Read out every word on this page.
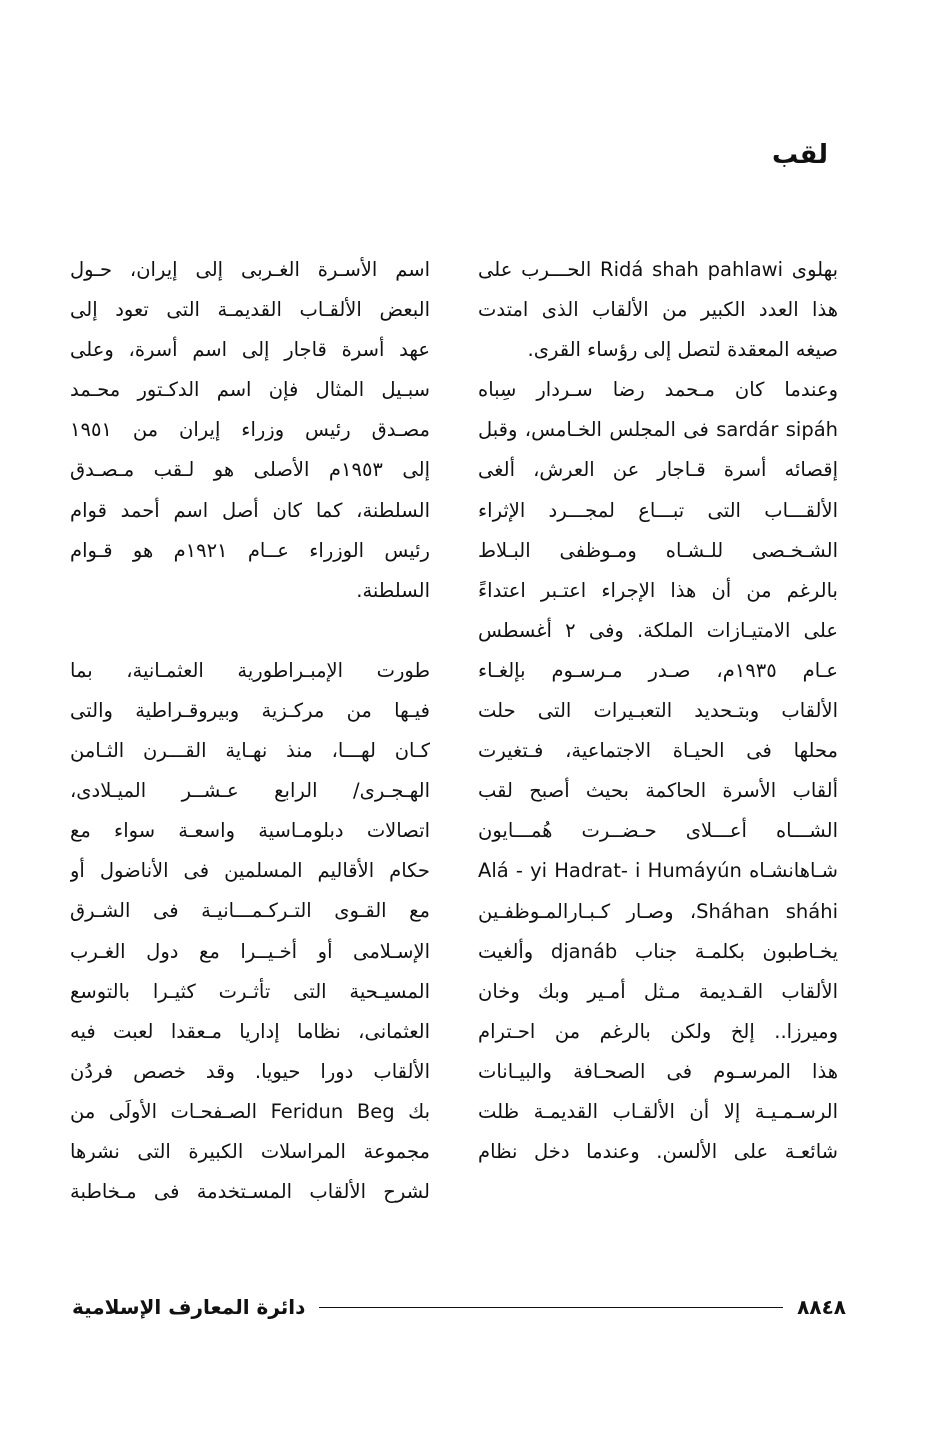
لقب
بهلوى Ridá shah pahlawi الحـــرب على
هذا العدد الكبير من الألقاب الذى امتدت
صيغه المعقدة لتصل إلى رؤساء القرى.
وعندما كان مـحمد رضا سـردار سِباه
sardár sipáh فى المجلس الخـامس، وقبل
إقصائه أسرة قـاجار عن العرش، ألغى
الألقـــاب التى تبـــاع لمجـــرد الإثراء
الشـخـصى للـشـاه ومـوظفى البـلاط
بالرغم من أن هذا الإجراء اعتـبر اعتداءً
على الامتيـازات الملكة. وفى ٢ أغسطس
عـام ١٩٣٥م، صـدر مـرسـوم بإلغـاء
الألقاب وبتـحديد التعبـيرات التى حلت
محلها فى الحيـاة الاجتماعية، فـتغيرت
ألقاب الأسرة الحاكمة بحيث أصبح لقب
الشـــاه أعـــلاى حـضــرت هُمـــايون
شـاهانشـاه Alá - yi Hadrat- i Humáyún
Sháhan sháhi، وصـار كـبـارالمـوظفـين
يخـاطبون بكلمـة جناب djanáb وألغيت
الألقاب القـديمة مـثل أمـير وبك وخان
وميرزا.. إلخ ولكن بالرغم من احـترام
هذا المرسـوم فى الصحـافة والبيـانات
الرسـمـيـة إلا أن الألقـاب القديمـة ظلت
شائعـة على الألسن. وعندما دخل نظام
اسم الأسـرة الغـربى إلى إيران، حـول
البعض الألقـاب القديمـة التى تعود إلى
عهد أسرة قاجار إلى اسم أسرة، وعلى
سبـيل المثال فإن اسم الدكـتور محـمد
مصـدق رئيس وزراء إيران من ١٩٥١
إلى ١٩٥٣م الأصلى هو لـقب مـصـدق
السلطنة، كما كان أصل اسم أحمد قوام
رئيس الوزراء عــام ١٩٢١م هو قـوام
السلطنة.
طورت الإمبـراطورية العثمـانية، بما
فيـها من مركـزية وبيروقـراطية والتى
كـان لهـــا، منذ نهـاية القـــرن الثـامن
الهـجـرى/ الرابع عـشــر الميـلادى،
اتصالات دبلومـاسية واسعـة سواء مع
حكام الأقاليم المسلمين فى الأناضول أو
مع القـوى التـركـمـــانيـة فى الشـرق
الإسـلامى أو أخـيــرا مع دول الغـرب
المسيـحية التى تأثـرت كثيـرا بالتوسع
العثمانى، نظاما إداريا مـعقدا لعبت فيه
الألقاب دورا حيويا. وقد خصص فردُن
بك Feridun Beg الصـفحـات الأولَى من
مجموعة المراسلات الكبيرة التى نشرها
لشرح الألقاب المسـتخدمة فى مـخاطبة
دائرة المعارف الإسلامية	٨٨٤٨
